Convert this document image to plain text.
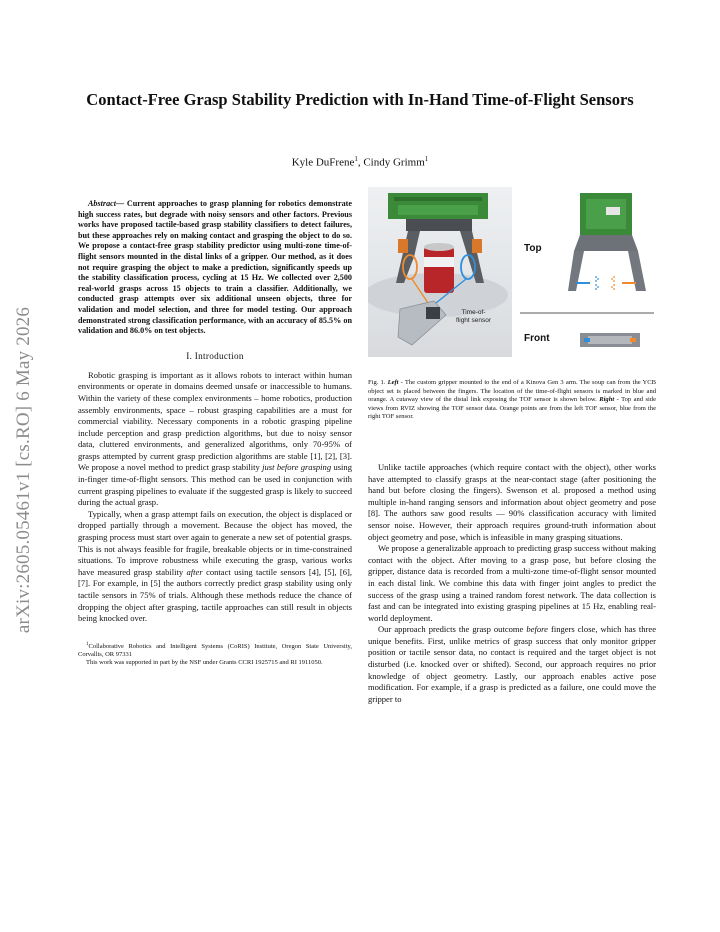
arXiv:2605.05461v1 [cs.RO] 6 May 2026
Contact-Free Grasp Stability Prediction with In-Hand Time-of-Flight Sensors
Kyle DuFrene$^1$, Cindy Grimm$^1$

Abstract— Current approaches to grasp planning for robotics demonstrate high success rates, but degrade with noisy sensors and other factors. Previous works have proposed tactile-based grasp stability classifiers to detect failures, but these approaches rely on making contact and grasping the object to do so. We propose a contact-free grasp stability predictor using multi-zone time-of-flight sensors mounted in the distal links of a gripper. Our method, as it does not require grasping the object to make a prediction, significantly speeds up the stability classification process, cycling at 15 Hz. We collected over 2,500 real-world grasps across 15 objects to train a classifier. Additionally, we conducted grasp attempts over six additional unseen objects, three for validation and model selection, and three for model testing. Our approach demonstrated strong classification performance, with an accuracy of 85.5% on validation and 86.0% on test objects.

I. Introduction

Robotic grasping is important as it allows robots to interact within human environments or operate in domains deemed unsafe or inaccessible to humans. Within the variety of these complex environments – home robotics, production assembly environments, space – robust grasping capabilities are a must for commercial viability. Necessary components in a robotic grasping pipeline include perception and grasp prediction algorithms, but due to noisy sensor data, cluttered environments, and generalized algorithms, only 70-95% of grasps attempted by current grasp prediction algorithms are stable [1], [2], [3]. We propose a novel method to predict grasp stability just before grasping using in-finger time-of-flight sensors. This method can be used in conjunction with current grasping pipelines to evaluate if the suggested grasp is likely to succeed during the actual grasp.

Typically, when a grasp attempt fails on execution, the object is displaced or dropped partially through a movement. Because the object has moved, the grasping process must start over again to generate a new set of potential grasps. This is not always feasible for fragile, breakable objects or in time-constrained situations. To improve robustness while executing the grasp, various works have measured grasp stability after contact using tactile sensors [4], [5], [6], [7]. For example, in [5] the authors correctly predict grasp stability using only tactile sensors in 75% of trials. Although these methods reduce the chance of dropping the object after grasping, tactile approaches can still result in objects being knocked over.

$^1$Collaborative Robotics and Intelligent Systems (CoRIS) Institute, Oregon State University, Corvallis, OR 97331

This work was supported in part by the NSF under Grants CCRI 1925715 and RI 1911050.

Time-of-
flight sensor
Top
Front

Fig. 1. Left - The custom gripper mounted to the end of a Kinova Gen 3 arm. The soup can from the YCB object set is placed between the fingers. The location of the time-of-flight sensors is marked in blue and orange. A cutaway view of the distal link exposing the TOF sensor is shown below. Right - Top and side views from RVIZ showing the TOF sensor data. Orange points are from the left TOF sensor, blue from the right TOF sensor.

Unlike tactile approaches (which require contact with the object), other works have attempted to classify grasps at the near-contact stage (after positioning the hand but before closing the fingers). Swenson et al. proposed a method using multiple in-hand ranging sensors and information about object geometry and pose [8]. The authors saw good results — 90% classification accuracy with limited sensor noise. However, their approach requires ground-truth information about object geometry and pose, which is infeasible in many grasping situations.

We propose a generalizable approach to predicting grasp success without making contact with the object. After moving to a grasp pose, but before closing the gripper, distance data is recorded from a multi-zone time-of-flight sensor mounted in each distal link. We combine this data with finger joint angles to predict the success of the grasp using a trained random forest network. The data collection is fast and can be integrated into existing grasping pipelines at 15 Hz, enabling real-world deployment.

Our approach predicts the grasp outcome before fingers close, which has three unique benefits. First, unlike metrics of grasp success that only monitor gripper position or tactile sensor data, no contact is required and the target object is not disturbed (i.e. knocked over or shifted). Second, our approach requires no prior knowledge of object geometry. Lastly, our approach enables active pose modification. For example, if a grasp is predicted as a failure, one could move the gripper to
